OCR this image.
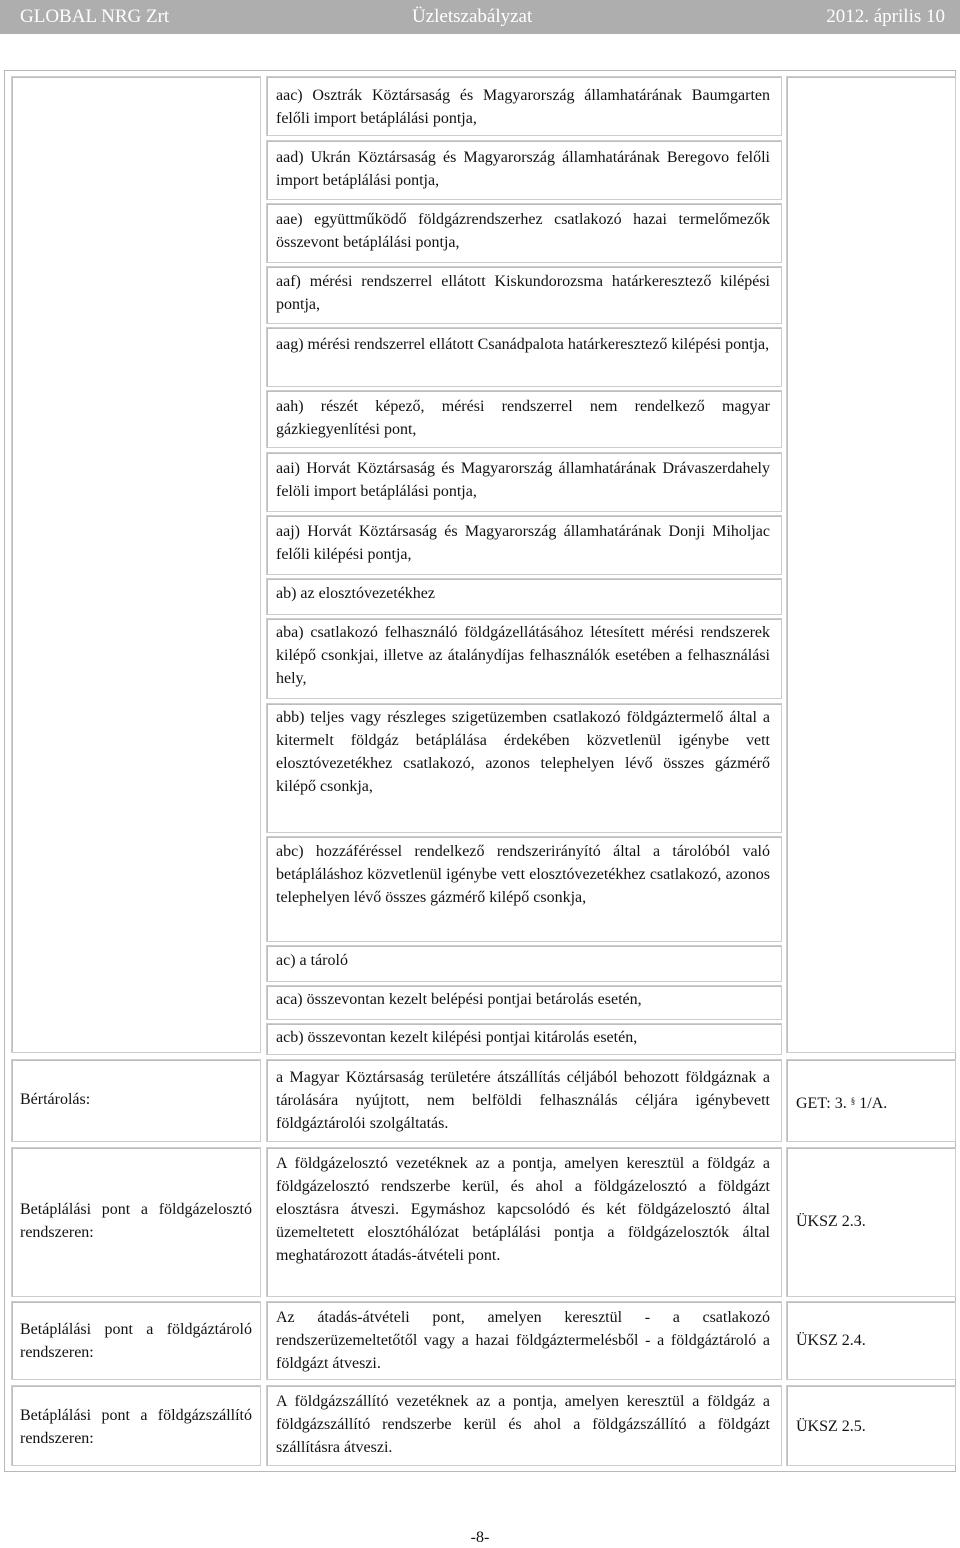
GLOBAL NRG Zrt	Üzletszabályzat	2012. április 10
aac) Osztrák Köztársaság és Magyarország államhatárának Baumgarten felőli import betáplálási pontja,
aad) Ukrán Köztársaság és Magyarország államhatárának Beregovo felőli import betáplálási pontja,
aae) együttműködő földgázrendszerhez csatlakozó hazai termelőmezők összevont betáplálási pontja,
aaf) mérési rendszerrel ellátott Kiskundorozsma határkeresztező kilépési pontja,
aag) mérési rendszerrel ellátott Csanádpalota határkeresztező kilépési pontja,
aah) részét képező, mérési rendszerrel nem rendelkező magyar gázkiegyenlítési pont,
aai) Horvát Köztársaság és Magyarország államhatárának Drávaszerdahely felöli import betáplálási pontja,
aaj) Horvát Köztársaság és Magyarország államhatárának Donji Miholjac felőli kilépési pontja,
ab) az elosztóvezetékhez
aba) csatlakozó felhasználó földgázellátásához létesített mérési rendszerek kilépő csonkjai, illetve az átalánydíjas felhasználók esetében a felhasználási hely,
abb) teljes vagy részleges szigetüzemben csatlakozó földgáztermelő által a kitermelt földgáz betáplálása érdekében közvetlenül igénybe vett elosztóvezetékhez csatlakozó, azonos telephelyen lévő összes gázmérő kilépő csonkja,
abc) hozzáféréssel rendelkező rendszerirányító által a tárolóból való betápláláshoz közvetlenül igénybe vett elosztóvezetékhez csatlakozó, azonos telephelyen lévő összes gázmérő kilépő csonkja,
ac) a tároló
aca) összevontan kezelt belépési pontjai betárolás esetén,
acb) összevontan kezelt kilépési pontjai kitárolás esetén,
Bértárolás:
a Magyar Köztársaság területére átszállítás céljából behozott földgáznak a tárolására nyújtott, nem belföldi felhasználás céljára igénybevett földgáztárolói szolgáltatás.
GET: 3. § 1/A.
Betáplálási pont a földgázelosztó rendszeren:
A földgázelosztó vezetéknek az a pontja, amelyen keresztül a földgáz a földgázelosztó rendszerbe kerül, és ahol a földgázelosztó a földgázt elosztásra átveszi. Egymáshoz kapcsolódó és két földgázelosztó által üzemeltetett elosztóhálózat betáplálási pontja a földgázelosztók által meghatározott átadás-átvételi pont.
ÜKSZ 2.3.
Betáplálási pont a földgáztároló rendszeren:
Az átadás-átvételi pont, amelyen keresztül - a csatlakozó rendszerüzemeltetőtől vagy a hazai földgáztermelésből - a földgáztároló a földgázt átveszi.
ÜKSZ 2.4.
Betáplálási pont a földgázszállító rendszeren:
A földgázszállító vezetéknek az a pontja, amelyen keresztül a földgáz a földgázszállító rendszerbe kerül és ahol a földgázszállító a földgázt szállításra átveszi.
ÜKSZ 2.5.
-8-
